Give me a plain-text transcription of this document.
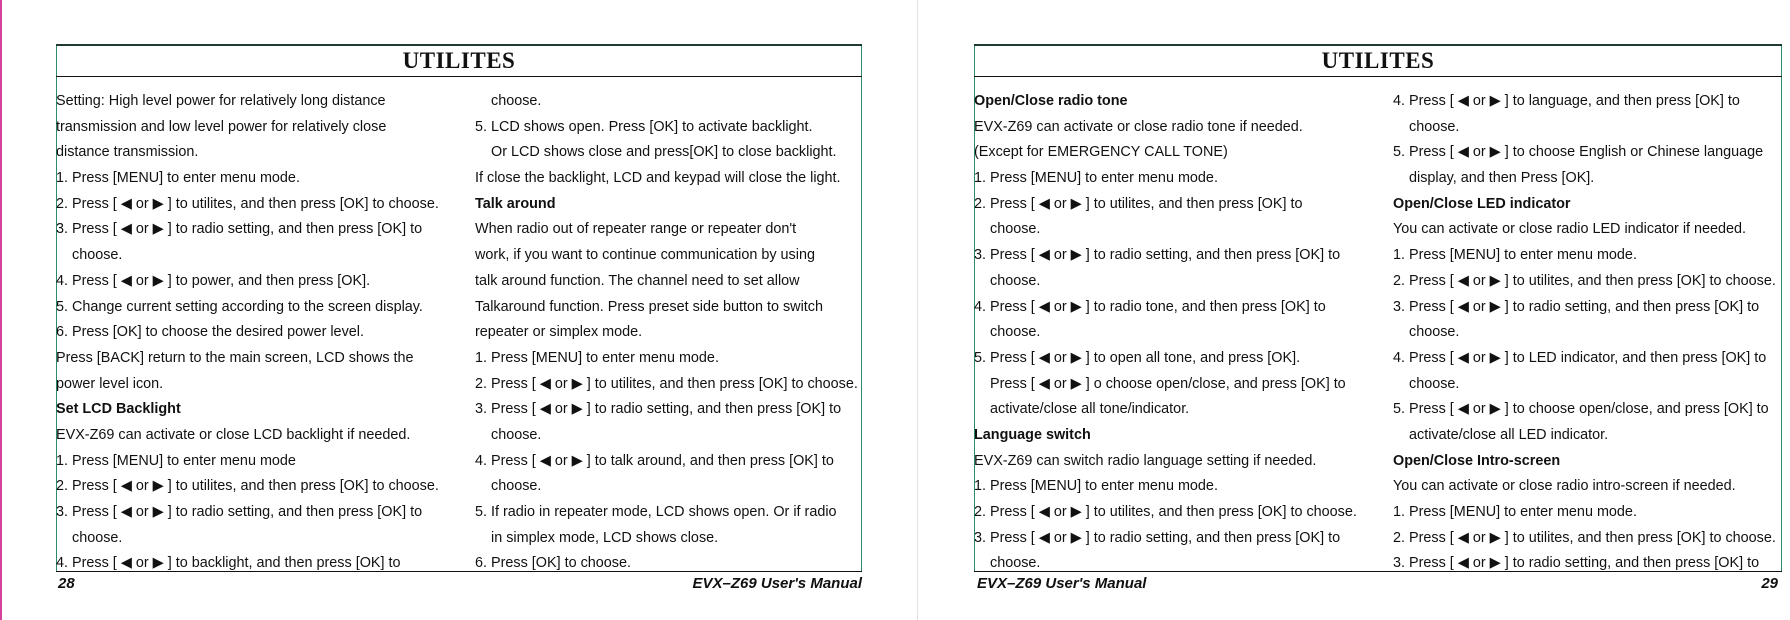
UTILITES
Setting: High level power for relatively long distance
transmission and low level power for relatively close
distance transmission.
1. Press [MENU] to enter menu mode.
2. Press [ ◀ or ▶ ] to utilites, and then press [OK] to choose.
3. Press [ ◀ or ▶ ] to radio setting, and then press [OK] to
choose.
4. Press [ ◀ or ▶ ] to power, and then press [OK].
5. Change current setting according to the screen display.
6. Press [OK] to choose the desired power level.
Press [BACK] return to the main screen, LCD shows the
power level icon.
Set LCD Backlight
EVX-Z69 can activate or close LCD backlight if needed.
1. Press [MENU] to enter menu mode
2. Press [ ◀ or ▶ ] to utilites, and then press [OK] to choose.
3. Press [ ◀ or ▶ ] to radio setting, and then press [OK] to
choose.
4. Press [ ◀ or ▶ ] to backlight, and then press [OK] to
choose.
5. LCD shows open. Press [OK] to activate backlight.
Or LCD shows close and press[OK] to close backlight.
If close the backlight, LCD and keypad will close the light.
Talk around
When radio out of repeater range or repeater don't
work, if you want to continue communication by using
talk around function. The channel need to set allow
Talkaround function. Press preset side button to switch
repeater or simplex mode.
1. Press [MENU] to enter menu mode.
2. Press [ ◀ or ▶ ] to utilites, and then press [OK] to choose.
3. Press [ ◀ or ▶ ] to radio setting, and then press [OK] to
choose.
4. Press [ ◀ or ▶ ] to talk around, and then press [OK] to
choose.
5. If radio in repeater mode, LCD shows open. Or if radio
in simplex mode, LCD shows close.
6. Press [OK] to choose.
28	EVX–Z69 User's Manual
UTILITES
Open/Close radio tone
EVX-Z69 can activate or close radio tone if needed.
(Except for EMERGENCY CALL TONE)
1. Press [MENU] to enter menu mode.
2. Press [ ◀ or ▶ ] to utilites, and then press [OK] to
choose.
3. Press [ ◀ or ▶ ] to radio setting, and then press [OK] to
choose.
4. Press [ ◀ or ▶ ] to radio tone, and then press [OK] to
choose.
5. Press [ ◀ or ▶ ] to open all tone, and press [OK].
Press [ ◀ or ▶ ] o choose open/close, and press [OK] to
activate/close all tone/indicator.
Language switch
EVX-Z69 can switch radio language setting if needed.
1. Press [MENU] to enter menu mode.
2. Press [ ◀ or ▶ ] to utilites, and then press [OK] to choose.
3. Press [ ◀ or ▶ ] to radio setting, and then press [OK] to
choose.
4. Press [ ◀ or ▶ ] to language, and then press [OK] to
choose.
5. Press [ ◀ or ▶ ] to choose English or Chinese language
display, and then Press [OK].
Open/Close LED indicator
You can activate or close radio LED indicator if needed.
1. Press [MENU] to enter menu mode.
2. Press [ ◀ or ▶ ] to utilites, and then press [OK] to choose.
3. Press [ ◀ or ▶ ] to radio setting, and then press [OK] to
choose.
4. Press [ ◀ or ▶ ] to LED indicator, and then press [OK] to
choose.
5. Press [ ◀ or ▶ ] to choose open/close, and press [OK] to
activate/close all LED indicator.
Open/Close Intro-screen
You can activate or close radio intro-screen if needed.
1. Press [MENU] to enter menu mode.
2. Press [ ◀ or ▶ ] to utilites, and then press [OK] to choose.
3. Press [ ◀ or ▶ ] to radio setting, and then press [OK] to
EVX–Z69 User's Manual	29
